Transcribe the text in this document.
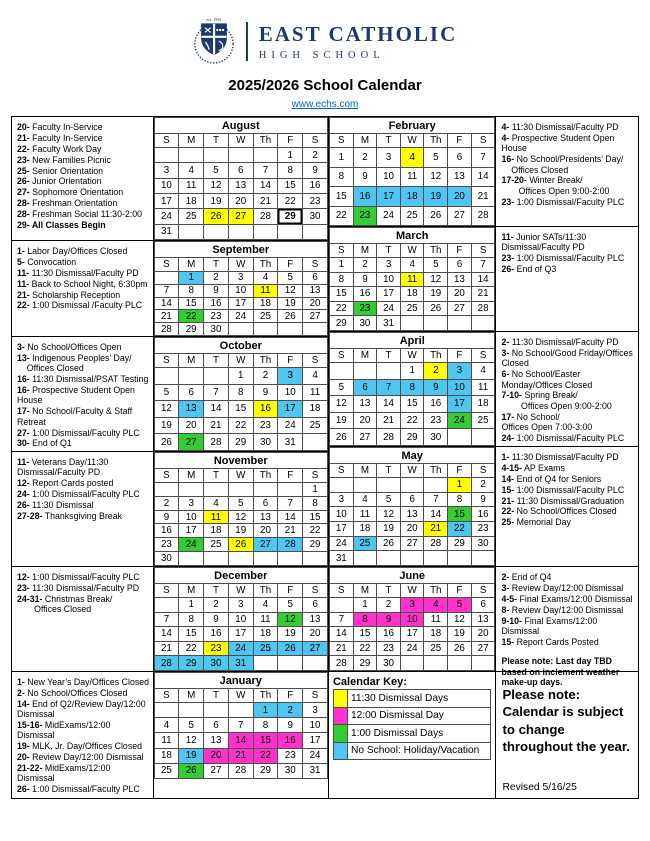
est. 1961
EAST CATHOLIC
HIGH SCHOOL
2025/2026 School Calendar
www.echs.com
20- Faculty In-Service
21- Faculty In-Service
22- Faculty Work Day
23- New Families Picnic
25- Senior Orientation
26- Junior Orientation
27- Sophomore Orientation
28- Freshman Orientation
28- Freshman Social 11:30-2:00
29- All Classes Begin
1- Labor Day/Offices Closed
5- Convocation
11- 11:30 Dismissal/Faculty PD
11- Back to School Night, 6:30pm
21- Scholarship Reception
22- 1:00 Dismissal /Faculty PLC
3- No School/Offices Open
13- Indigenous Peoples’ Day/
Offices Closed
16- 11:30 Dismissal/PSAT Testing
16- Prospective Student Open
House
17- No School/Faculty & Staff
Retreat
27- 1:00 Dismissal/Faculty PLC
30- End of Q1
11- Veterans Day/11:30
Dismissal/Faculty PD
12- Report Cards posted
24- 1:00 Dismissal/Faculty PLC
26- 11:30 Dismissal
27-28- Thanksgiving Break
12- 1:00 Dismissal/Faculty PLC
23- 11:30 Dismissal/Faculty PD
24-31- Christmas Break/
Offices Closed
1- New Year’s Day/Offices Closed
2- No School/Offices Closed
14- End of Q2/Review Day/12:00
Dismissal
15-16- MidExams/12:00 Dismissal
19- MLK, Jr. Day/Offices Closed
20- Review Day/12:00 Dismissal
21-22- MidExams/12:00 Dismissal
26- 1:00 Dismissal/Faculty PLC
August						
S	M	T	W	Th	F	S
					1	2
3	4	5	6	7	8	9
10	11	12	13	14	15	16
17	18	19	20	21	22	23
24	25	26	27	28	29	30
31						
September						
S	M	T	W	Th	F	S
	1	2	3	4	5	6
7	8	9	10	11	12	13
14	15	16	17	18	19	20
21	22	23	24	25	26	27
28	29	30				
October						
S	M	T	W	Th	F	S
			1	2	3	4
5	6	7	8	9	10	11
12	13	14	15	16	17	18
19	20	21	22	23	24	25
26	27	28	29	30	31	
November						
S	M	T	W	Th	F	S
						1
2	3	4	5	6	7	8
9	10	11	12	13	14	15
16	17	18	19	20	21	22
23	24	25	26	27	28	29
30						
December						
S	M	T	W	Th	F	S
	1	2	3	4	5	6
7	8	9	10	11	12	13
14	15	16	17	18	19	20
21	22	23	24	25	26	27
28	29	30	31			
January						
S	M	T	W	Th	F	S
				1	2	3
4	5	6	7	8	9	10
11	12	13	14	15	16	17
18	19	20	21	22	23	24
25	26	27	28	29	30	31
February						
S	M	T	W	Th	F	S
1	2	3	4	5	6	7
8	9	10	11	12	13	14
15	16	17	18	19	20	21
22	23	24	25	26	27	28
March						
S	M	T	W	Th	F	S
1	2	3	4	5	6	7
8	9	10	11	12	13	14
15	16	17	18	19	20	21
22	23	24	25	26	27	28
29	30	31				
April						
S	M	T	W	Th	F	S
			1	2	3	4
5	6	7	8	9	10	11
12	13	14	15	16	17	18
19	20	21	22	23	24	25
26	27	28	29	30		
May						
S	M	T	W	Th	F	S
					1	2
3	4	5	6	7	8	9
10	11	12	13	14	15	16
17	18	19	20	21	22	23
24	25	26	27	28	29	30
31						
June						
S	M	T	W	Th	F	S
	1	2	3	4	5	6
7	8	9	10	11	12	13
14	15	16	17	18	19	20
21	22	23	24	25	26	27
28	29	30				
Calendar Key:
	11:30 Dismissal Days
	12:00 Dismissal Day
	1:00 Dismissal Days
	No School: Holiday/Vacation
4- 11:30 Dismissal/Faculty PD
4- Prospective Student Open
House
16- No School/Presidents’ Day/
Offices Closed
17-20- Winter Break/
Offices Open 9:00-2:00
23- 1:00 Dismissal/Faculty PLC
11- Junior SATs/11:30
Dismissal/Faculty PD
23- 1:00 Dismissal/Faculty PLC
26- End of Q3
2- 11:30 Dismissal/Faculty PD
3- No School/Good Friday/Offices
Closed
6- No School/Easter
Monday/Offices Closed
7-10- Spring Break/
Offices Open 9:00-2:00
17- No School/
Offices Open 7:00-3:00
24- 1:00 Dismissal/Faculty PLC
1- 11:30 Dismissal/Faculty PD
4-15- AP Exams
14- End of Q4 for Seniors
15- 1:00 Dismissal/Faculty PLC
21- 11:30 Dismissal/Graduation
22- No School/Offices Closed
25- Memorial Day
2- End of Q4
3- Review Day/12:00 Dismissal
4-5- Final Exams/12:00 Dismissal
8- Review Day/12:00 Dismissal
9-10- Final Exams/12:00 Dismissal
15- Report Cards Posted
Please note: Last day TBD based on inclement weather make-up days.
Please note: Calendar is subject to change throughout the year.
Revised 5/16/25
